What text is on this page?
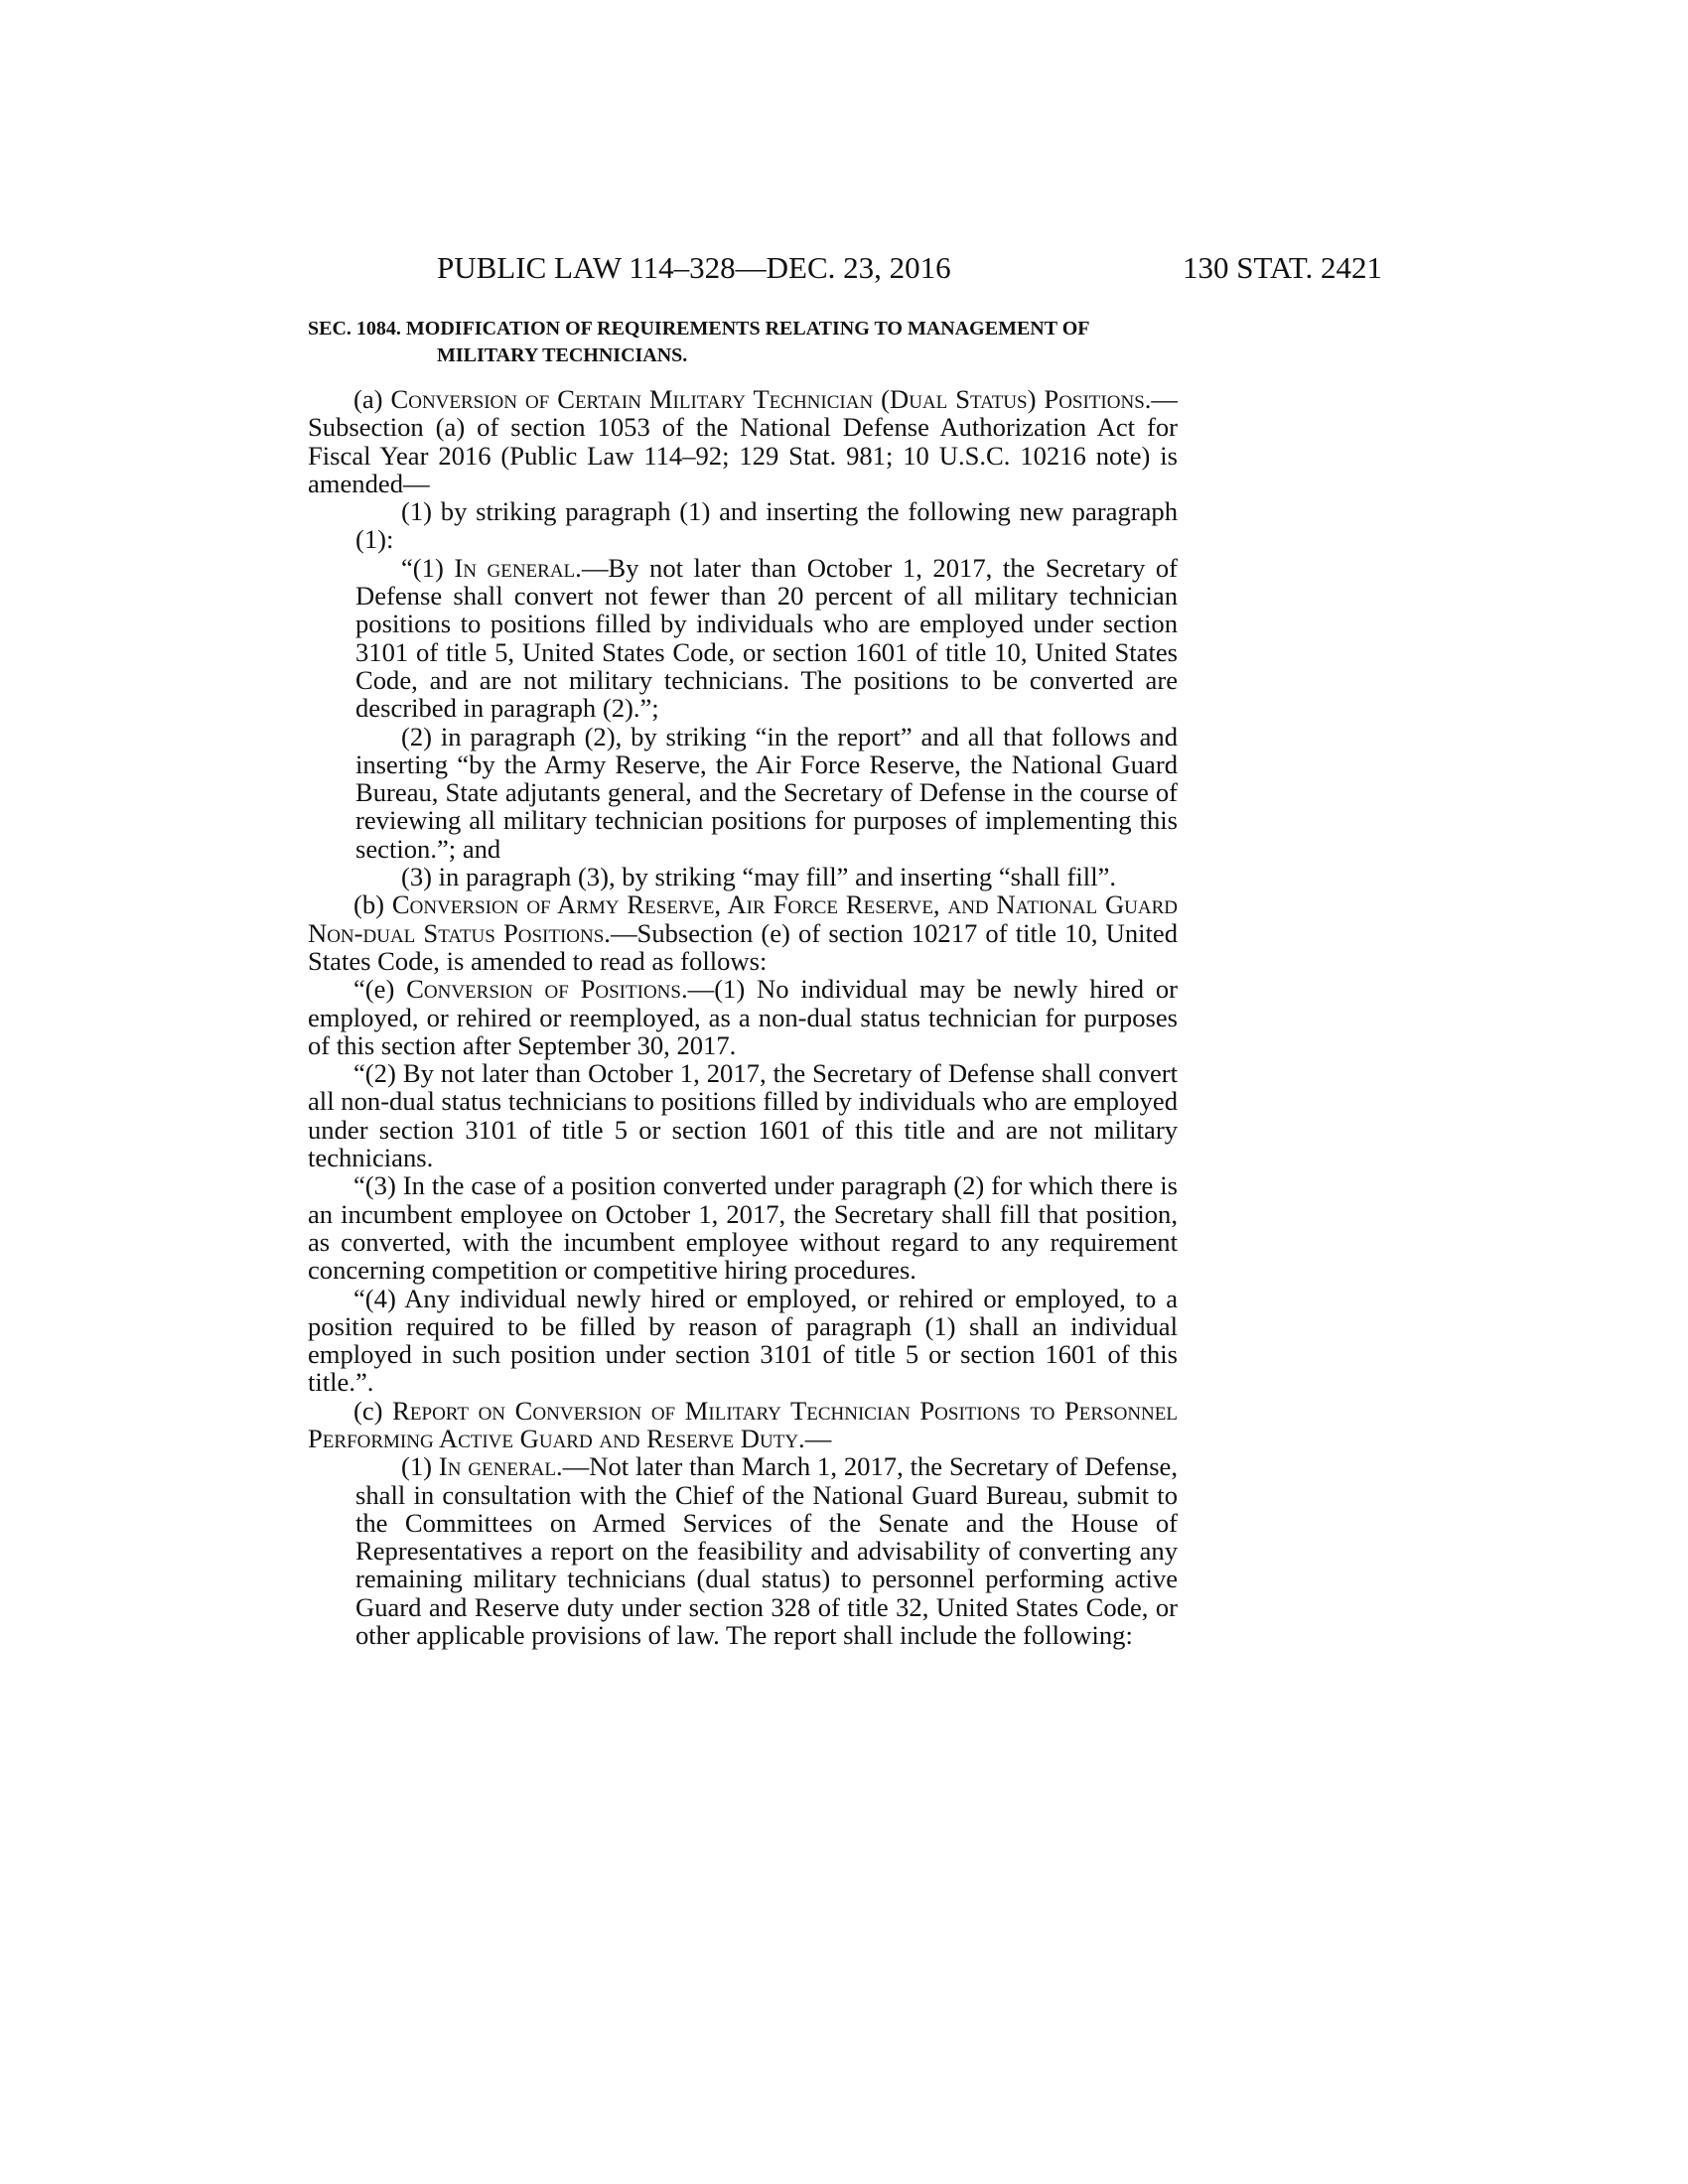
PUBLIC LAW 114–328—DEC. 23, 2016	130 STAT. 2421
SEC. 1084. MODIFICATION OF REQUIREMENTS RELATING TO MANAGEMENT OF MILITARY TECHNICIANS.

(a) Conversion of Certain Military Technician (Dual Status) Positions.—Subsection (a) of section 1053 of the National Defense Authorization Act for Fiscal Year 2016 (Public Law 114–92; 129 Stat. 981; 10 U.S.C. 10216 note) is amended—

(1) by striking paragraph (1) and inserting the following new paragraph (1):

“(1) In general.—By not later than October 1, 2017, the Secretary of Defense shall convert not fewer than 20 percent of all military technician positions to positions filled by individuals who are employed under section 3101 of title 5, United States Code, or section 1601 of title 10, United States Code, and are not military technicians. The positions to be converted are described in paragraph (2).”;

(2) in paragraph (2), by striking “in the report” and all that follows and inserting “by the Army Reserve, the Air Force Reserve, the National Guard Bureau, State adjutants general, and the Secretary of Defense in the course of reviewing all military technician positions for purposes of implementing this section.”; and

(3) in paragraph (3), by striking “may fill” and inserting “shall fill”.

(b) Conversion of Army Reserve, Air Force Reserve, and National Guard Non-dual Status Positions.—Subsection (e) of section 10217 of title 10, United States Code, is amended to read as follows:

“(e) Conversion of Positions.—(1) No individual may be newly hired or employed, or rehired or reemployed, as a non-dual status technician for purposes of this section after September 30, 2017.

“(2) By not later than October 1, 2017, the Secretary of Defense shall convert all non-dual status technicians to positions filled by individuals who are employed under section 3101 of title 5 or section 1601 of this title and are not military technicians.

“(3) In the case of a position converted under paragraph (2) for which there is an incumbent employee on October 1, 2017, the Secretary shall fill that position, as converted, with the incumbent employee without regard to any requirement concerning competition or competitive hiring procedures.

“(4) Any individual newly hired or employed, or rehired or employed, to a position required to be filled by reason of paragraph (1) shall an individual employed in such position under section 3101 of title 5 or section 1601 of this title.”.

(c) Report on Conversion of Military Technician Positions to Personnel Performing Active Guard and Reserve Duty.—

(1) In general.—Not later than March 1, 2017, the Secretary of Defense, shall in consultation with the Chief of the National Guard Bureau, submit to the Committees on Armed Services of the Senate and the House of Representatives a report on the feasibility and advisability of converting any remaining military technicians (dual status) to personnel performing active Guard and Reserve duty under section 328 of title 32, United States Code, or other applicable provisions of law. The report shall include the following:
